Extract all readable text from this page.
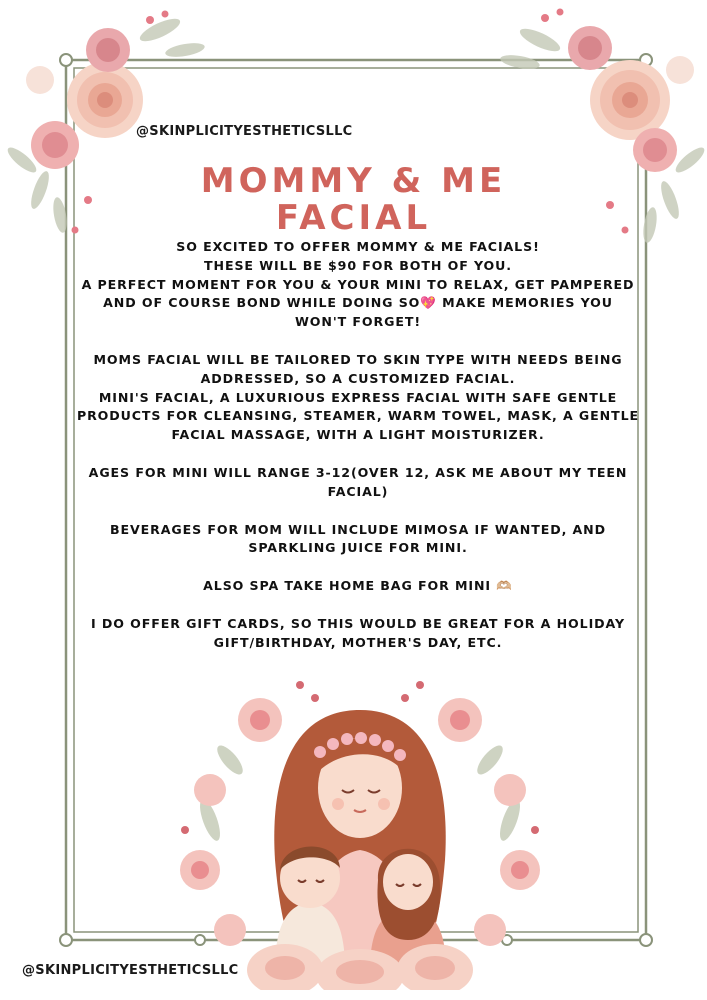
@SKINPLICITYESTHETICSLLC
MOMMY & ME
FACIAL

SO EXCITED TO OFFER MOMMY & ME FACIALS!

THESE WILL BE $90 FOR BOTH OF YOU.

A PERFECT MOMENT FOR YOU & YOUR MINI TO RELAX, GET PAMPERED AND OF COURSE BOND WHILE DOING SO💖 MAKE MEMORIES YOU WON'T FORGET!

MOMS FACIAL WILL BE TAILORED TO SKIN TYPE WITH NEEDS BEING ADDRESSED, SO A CUSTOMIZED FACIAL.

MINI'S FACIAL, A LUXURIOUS EXPRESS FACIAL WITH SAFE GENTLE PRODUCTS FOR CLEANSING, STEAMER, WARM TOWEL, MASK, A GENTLE FACIAL MASSAGE, WITH A LIGHT MOISTURIZER.

AGES FOR MINI WILL RANGE 3-12(OVER 12, ASK ME ABOUT MY TEEN FACIAL)

BEVERAGES FOR MOM WILL INCLUDE MIMOSA IF WANTED, AND SPARKLING JUICE FOR MINI.

ALSO SPA TAKE HOME BAG FOR MINI 🫶🏼

I DO OFFER GIFT CARDS, SO THIS WOULD BE GREAT FOR A HOLIDAY GIFT/BIRTHDAY, MOTHER'S DAY, ETC.

@SKINPLICITYESTHETICSLLC
